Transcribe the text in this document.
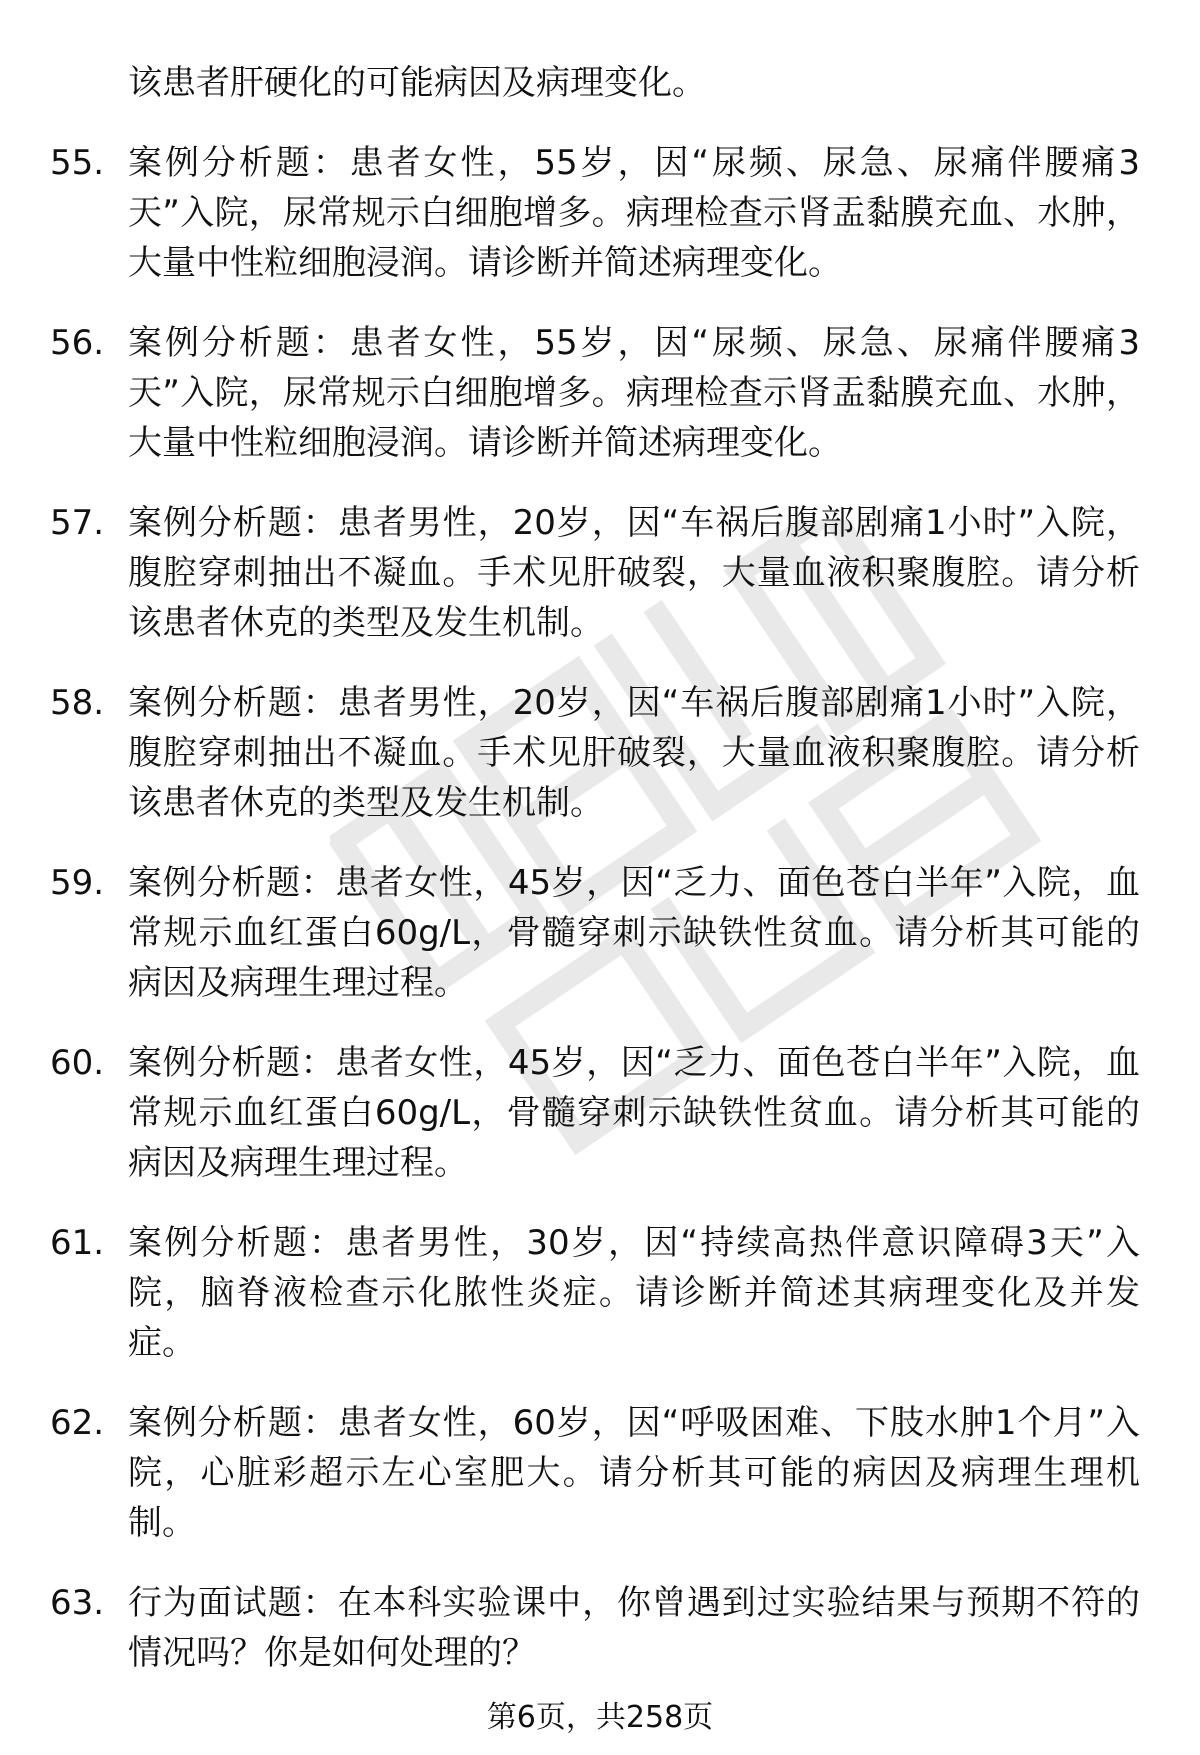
该患者肝硬化的可能病因及病理变化。
55. 案例分析题：患者女性，55岁，因“尿频、尿急、尿痛伴腰痛3天”入院，尿常规示白细胞增多。病理检查示肾盂黏膜充血、水肿，大量中性粒细胞浸润。请诊断并简述病理变化。
56. 案例分析题：患者女性，55岁，因“尿频、尿急、尿痛伴腰痛3天”入院，尿常规示白细胞增多。病理检查示肾盂黏膜充血、水肿，大量中性粒细胞浸润。请诊断并简述病理变化。
57. 案例分析题：患者男性，20岁，因“车祸后腹部剧痛1小时”入院，腹腔穿刺抽出不凝血。手术见肝破裂，大量血液积聚腹腔。请分析该患者休克的类型及发生机制。
58. 案例分析题：患者男性，20岁，因“车祸后腹部剧痛1小时”入院，腹腔穿刺抽出不凝血。手术见肝破裂，大量血液积聚腹腔。请分析该患者休克的类型及发生机制。
59. 案例分析题：患者女性，45岁，因“乏力、面色苍白半年”入院，血常规示血红蛋白60g/L，骨髓穿刺示缺铁性贫血。请分析其可能的病因及病理生理过程。
60. 案例分析题：患者女性，45岁，因“乏力、面色苍白半年”入院，血常规示血红蛋白60g/L，骨髓穿刺示缺铁性贫血。请分析其可能的病因及病理生理过程。
61. 案例分析题：患者男性，30岁，因“持续高热伴意识障碍3天”入院，脑脊液检查示化脓性炎症。请诊断并简述其病理变化及并发症。
62. 案例分析题：患者女性，60岁，因“呼吸困难、下肢水肿1个月”入院，心脏彩超示左心室肥大。请分析其可能的病因及病理生理机制。
63. 行为面试题：在本科实验课中，你曾遇到过实验结果与预期不符的情况吗？你是如何处理的？
第6页，共258页
